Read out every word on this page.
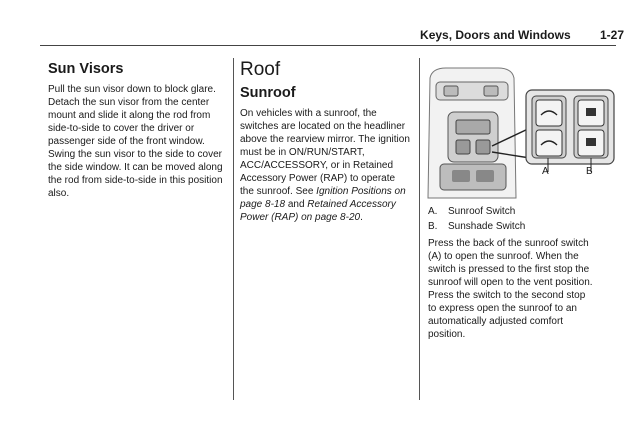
Keys, Doors and Windows 1-27
Sun Visors

Pull the sun visor down to block glare. Detach the sun visor from the center mount and slide it along the rod from side-to-side to cover the driver or passenger side of the front window. Swing the sun visor to the side to cover the side window. It can be moved along the rod from side-to-side in this position also.

Roof
Sunroof

On vehicles with a sunroof, the switches are located on the headliner above the rearview mirror. The ignition must be in ON/RUN/START, ACC/ACCESSORY, or in Retained Accessory Power (RAP) to operate the sunroof. See Ignition Positions on page 8-18 and Retained Accessory Power (RAP) on page 8-20.

A	B
A. Sunroof Switch
B. Sunshade Switch

Press the back of the sunroof switch (A) to open the sunroof. When the switch is pressed to the first stop the sunroof will open to the vent position. Press the switch to the second stop to express open the sunroof to an automatically adjusted comfort position.
